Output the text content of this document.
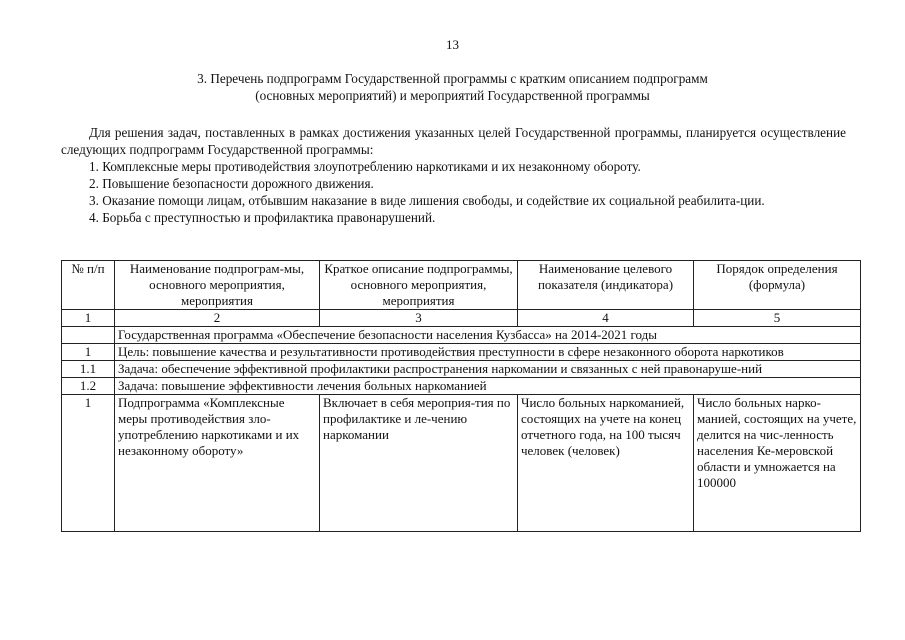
13
3. Перечень подпрограмм Государственной программы с кратким описанием подпрограмм
(основных мероприятий) и мероприятий Государственной программы
Для решения задач, поставленных в рамках достижения указанных целей Государственной программы, планируется осуществление следующих подпрограмм Государственной программы:
1. Комплексные меры противодействия злоупотреблению наркотиками и их незаконному обороту.
2. Повышение безопасности дорожного движения.
3. Оказание помощи лицам, отбывшим наказание в виде лишения свободы, и содействие их социальной реабилита-ции.
4. Борьба с преступностью и профилактика правонарушений.
№ п/п	Наименование подпрограм-мы, основного мероприятия, мероприятия	Краткое описание подпрограммы, основного мероприятия, мероприятия	Наименование целевого показателя (индикатора)	Порядок определения (формула)
1	2	3	4	5
	Государственная программа «Обеспечение безопасности населения Кузбасса» на 2014-2021 годы			
1	Цель: повышение качества и результативности противодействия преступности в сфере незаконного оборота наркотиков			
1.1	Задача: обеспечение эффективной профилактики распространения наркомании и связанных с ней правонаруше-ний			
1.2	Задача: повышение эффективности лечения больных наркоманией			
1	Подпрограмма «Комплексные меры противодействия зло-употреблению наркотиками и их незаконному обороту»	Включает в себя мероприя-тия по профилактике и ле-чению наркомании	Число больных наркоманией, состоящих на учете на конец отчетного года, на 100 тысяч человек (человек)	Число больных нарко-манией, состоящих на учете, делится на чис-ленность населения Ке-меровской области и умножается на 100000
